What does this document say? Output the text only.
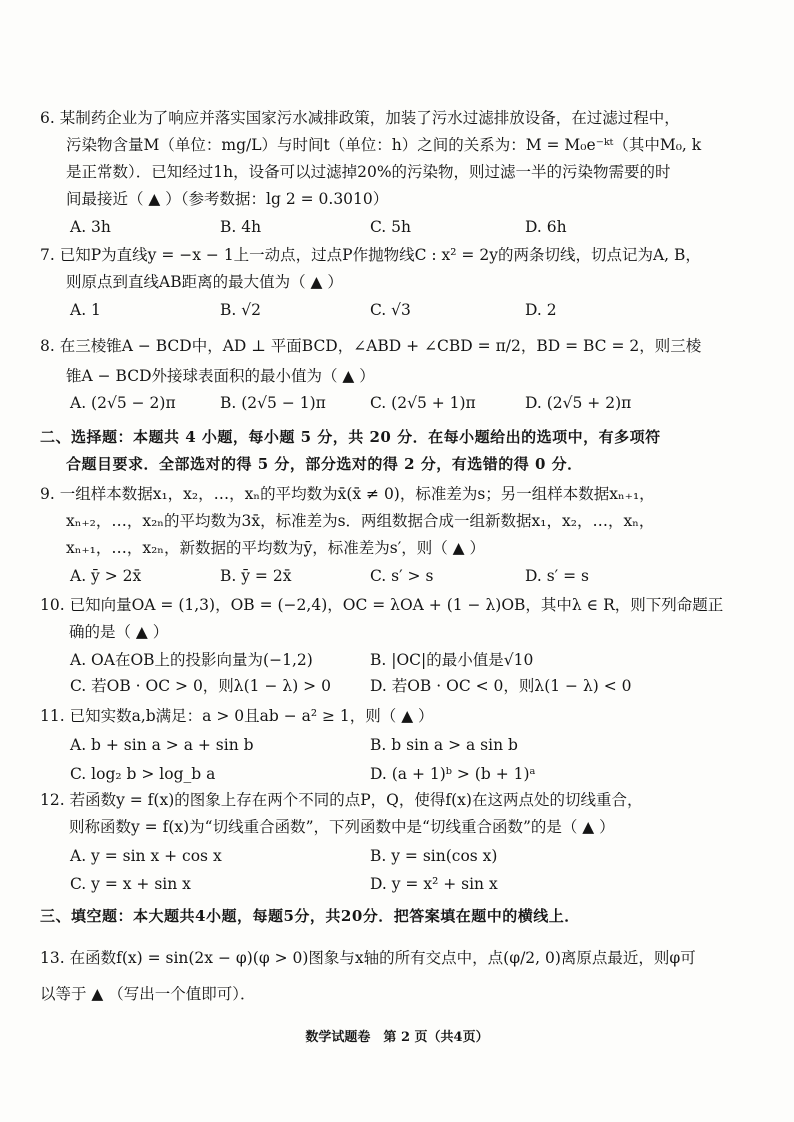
6. 某制药企业为了响应并落实国家污水减排政策，加装了污水过滤排放设备，在过滤过程中，
污染物含量M（单位：mg/L）与时间t（单位：h）之间的关系为：M = M₀e⁻ᵏᵗ（其中M₀, k
是正常数）．已知经过1h，设备可以过滤掉20%的污染物，则过滤一半的污染物需要的时
间最接近（ ▲ ）（参考数据：lg 2 = 0.3010）
A. 3h	B. 4h	C. 5h	D. 6h
7. 已知P为直线y = −x − 1上一动点，过点P作抛物线C : x² = 2y的两条切线，切点记为A, B，
则原点到直线AB距离的最大值为（ ▲ ）
A. 1	B. √2	C. √3	D. 2
8. 在三棱锥A − BCD中，AD ⊥ 平面BCD，∠ABD + ∠CBD = π/2，BD = BC = 2，则三棱
锥A − BCD外接球表面积的最小值为（ ▲ ）
A. (2√5 − 2)π	B. (2√5 − 1)π	C. (2√5 + 1)π	D. (2√5 + 2)π
二、选择题：本题共 4 小题，每小题 5 分，共 20 分．在每小题给出的选项中，有多项符
合题目要求．全部选对的得 5 分，部分选对的得 2 分，有选错的得 0 分．
9. 一组样本数据x₁，x₂，…，xₙ的平均数为x̄(x̄ ≠ 0)，标准差为s；另一组样本数据xₙ₊₁，
xₙ₊₂，…，x₂ₙ的平均数为3x̄，标准差为s．两组数据合成一组新数据x₁，x₂，…，xₙ，
xₙ₊₁，…，x₂ₙ，新数据的平均数为ȳ，标准差为s′，则（ ▲ ）
A. ȳ > 2x̄	B. ȳ = 2x̄	C. s′ > s	D. s′ = s
10. 已知向量OA = (1,3)，OB = (−2,4)，OC = λOA + (1 − λ)OB，其中λ ∈ R，则下列命题正
确的是（ ▲ ）
A. OA在OB上的投影向量为(−1,2)	B. |OC|的最小值是√10
C. 若OB · OC > 0，则λ(1 − λ) > 0	D. 若OB · OC < 0，则λ(1 − λ) < 0
11. 已知实数a,b满足：a > 0且ab − a² ≥ 1，则（ ▲ ）
A. b + sin a > a + sin b	B. b sin a > a sin b
C. log₂ b > log_b a	D. (a + 1)ᵇ > (b + 1)ᵃ
12. 若函数y = f(x)的图象上存在两个不同的点P，Q，使得f(x)在这两点处的切线重合，
则称函数y = f(x)为“切线重合函数”，下列函数中是“切线重合函数”的是（ ▲ ）
A. y = sin x + cos x	B. y = sin(cos x)
C. y = x + sin x	D. y = x² + sin x
三、填空题：本大题共4小题，每题5分，共20分．把答案填在题中的横线上．
13. 在函数f(x) = sin(2x − φ)(φ > 0)图象与x轴的所有交点中，点(φ/2, 0)离原点最近，则φ可
以等于 ▲ （写出一个值即可）．
数学试题卷　第 2 页（共4页）
